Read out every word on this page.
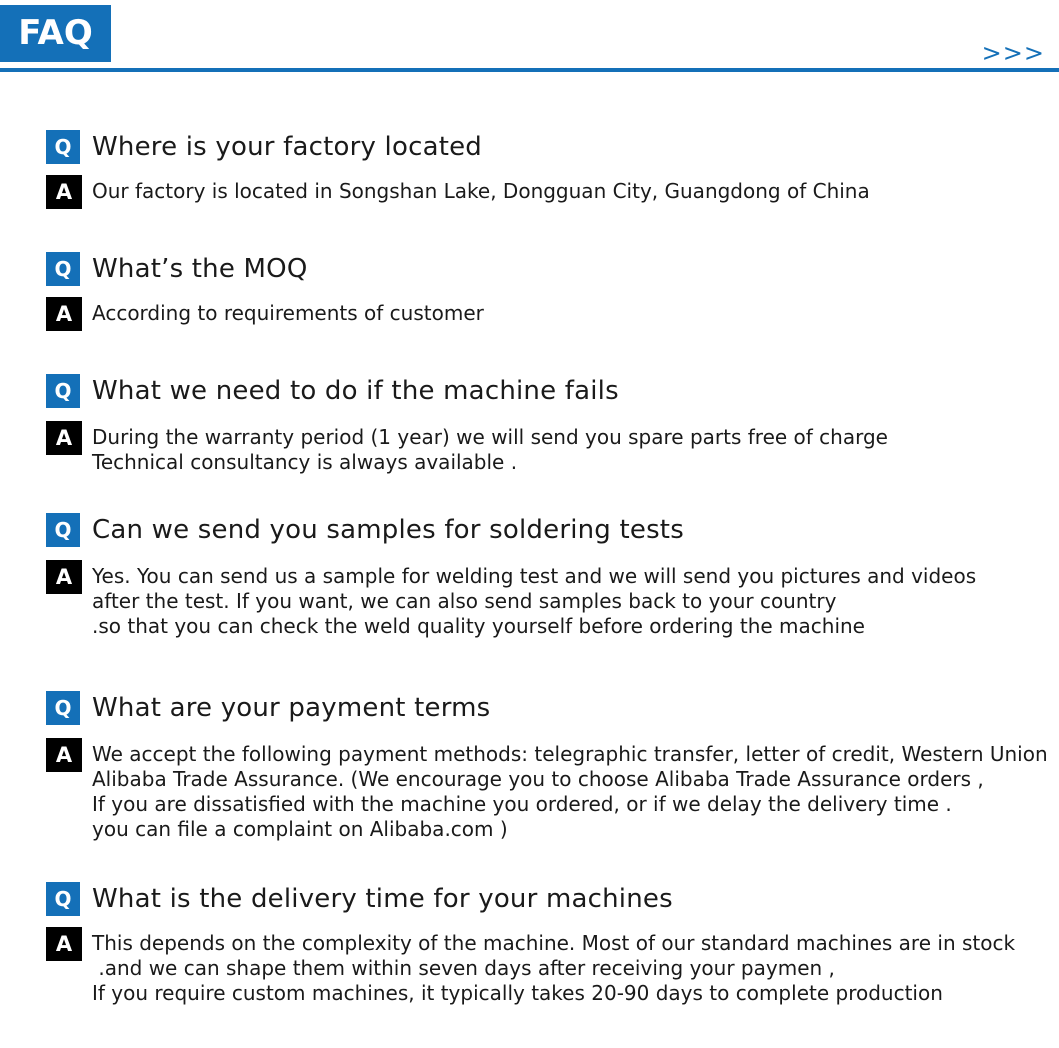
FAQ	>>>
Q Where is your factory located
A Our factory is located in Songshan Lake, Dongguan City, Guangdong of China
Q What’s the MOQ
A According to requirements of customer
Q What we need to do if the machine fails
A During the warranty period (1 year) we will send you spare parts free of charge
Technical consultancy is always available .
Q Can we send you samples for soldering tests
A Yes. You can send us a sample for welding test and we will send you pictures and videos
after the test. If you want, we can also send samples back to your country
.so that you can check the weld quality yourself before ordering the machine
Q What are your payment terms
A We accept the following payment methods: telegraphic transfer, letter of credit, Western Union
Alibaba Trade Assurance. (We encourage you to choose Alibaba Trade Assurance orders ,
If you are dissatisfied with the machine you ordered, or if we delay the delivery time .
you can file a complaint on Alibaba.com )
Q What is the delivery time for your machines
A This depends on the complexity of the machine. Most of our standard machines are in stock
.and we can shape them within seven days after receiving your paymen ,
If you require custom machines, it typically takes 20-90 days to complete production
